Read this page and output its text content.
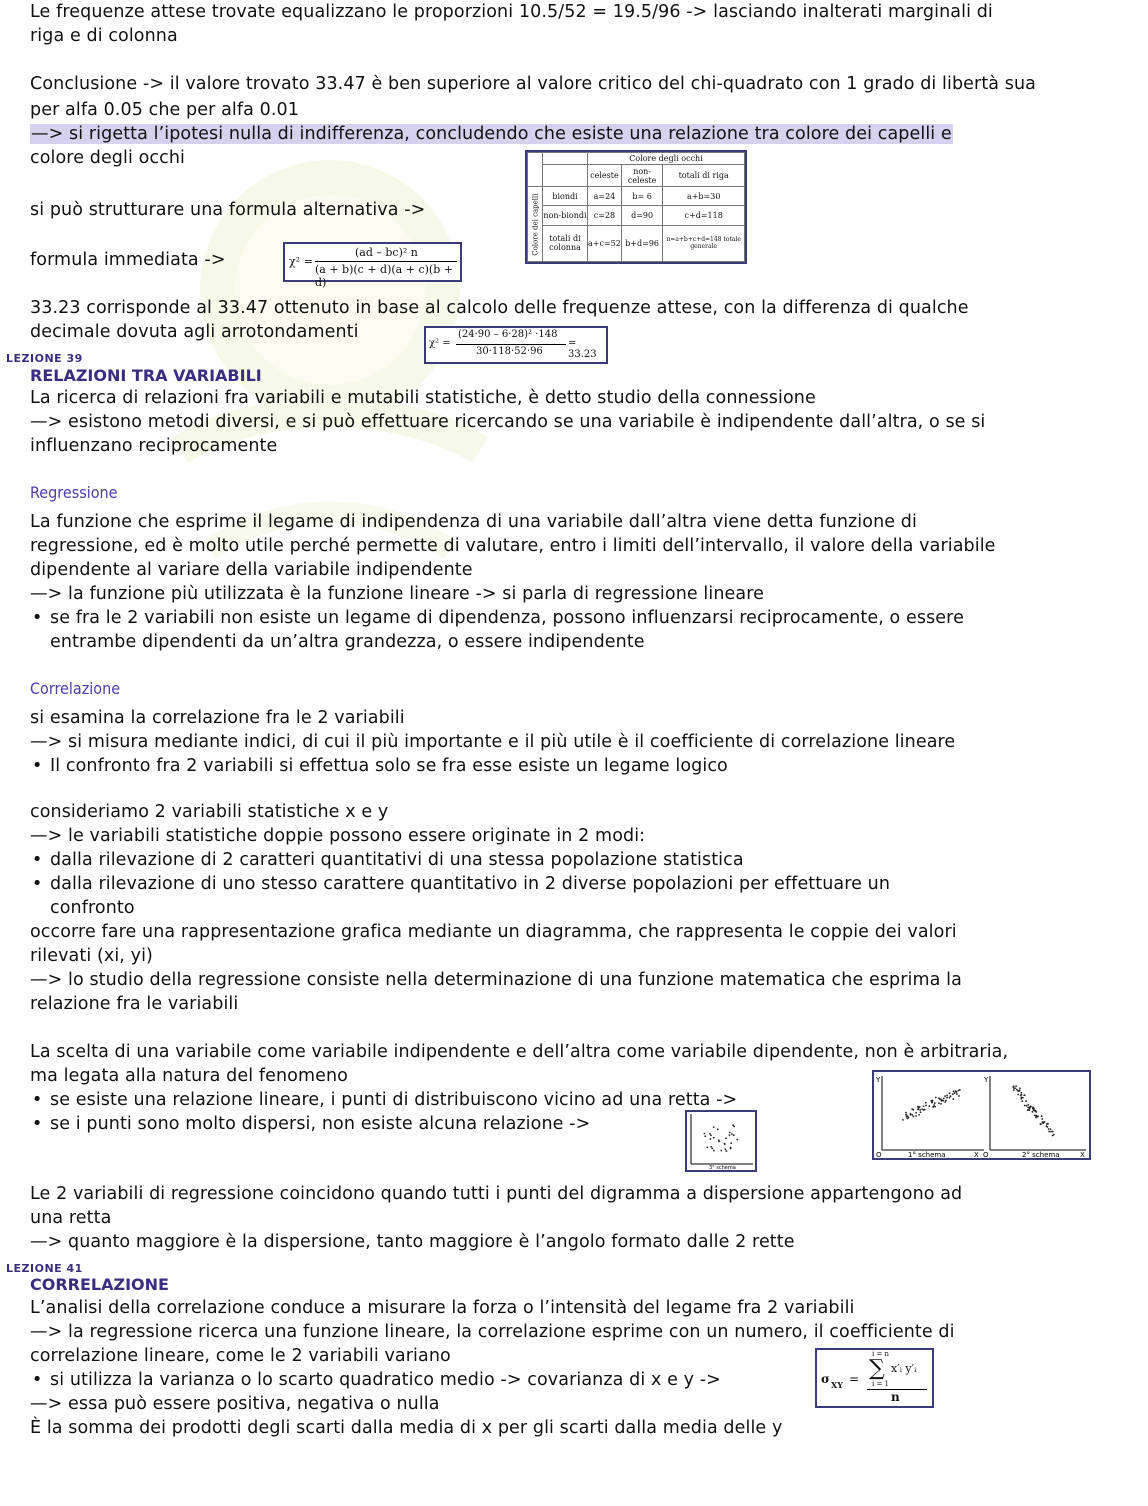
Le frequenze attese trovate equalizzano le proporzioni 10.5/52 = 19.5/96 -> lasciando inalterati marginali di
riga e di colonna
Conclusione -> il valore trovato 33.47 è ben superiore al valore critico del chi-quadrato con 1 grado di libertà sua
per alfa 0.05 che per alfa 0.01
—> si rigetta l’ipotesi nulla di indifferenza, concludendo che esiste una relazione tra colore dei capelli e
colore degli occhi
si può strutturare una formula alternativa ->
formula immediata ->
33.23 corrisponde al 33.47 ottenuto in base al calcolo delle frequenze attese, con la differenza di qualche
decimale dovuta agli arrotondamenti
		Colore degli occhi		
		celeste	non-celeste	totali di riga
Colore dei capelli	biondi	a=24	b= 6	a+b=30
	non-biondi	c=28	d=90	c+d=118
	totali di colonna	a+c=52	b+d=96	n=a+b+c+d=148 totale generale
χ² =
(ad – bc)² n
(a + b)(c + d)(a + c)(b + d)
χ² =
(24·90 – 6·28)² ·148
30·118·52·96
= 33.23
LEZIONE 39
RELAZIONI TRA VARIABILI
La ricerca di relazioni fra variabili e mutabili statistiche, è detto studio della connessione
—> esistono metodi diversi, e si può effettuare ricercando se una variabile è indipendente dall’altra, o se si
influenzano reciprocamente
Regressione
La funzione che esprime il legame di indipendenza di una variabile dall’altra viene detta funzione di
regressione, ed è molto utile perché permette di valutare, entro i limiti dell’intervallo, il valore della variabile
dipendente al variare della variabile indipendente
—> la funzione più utilizzata è la funzione lineare -> si parla di regressione lineare
• se fra le 2 variabili non esiste un legame di dipendenza, possono influenzarsi reciprocamente, o essere
entrambe dipendenti da un’altra grandezza, o essere indipendente
Correlazione
si esamina la correlazione fra le 2 variabili
—> si misura mediante indici, di cui il più importante e il più utile è il coefficiente di correlazione lineare
• Il confronto fra 2 variabili si effettua solo se fra esse esiste un legame logico
consideriamo 2 variabili statistiche x e y
—> le variabili statistiche doppie possono essere originate in 2 modi:
• dalla rilevazione di 2 caratteri quantitativi di una stessa popolazione statistica
• dalla rilevazione di uno stesso carattere quantitativo in 2 diverse popolazioni per effettuare un
confronto
occorre fare una rappresentazione grafica mediante un diagramma, che rappresenta le coppie dei valori
rilevati (xi, yi)
—> lo studio della regressione consiste nella determinazione di una funzione matematica che esprima la
relazione fra le variabili
La scelta di una variabile come variabile indipendente e dell’altra come variabile dipendente, non è arbitraria,
ma legata alla natura del fenomeno
• se esiste una relazione lineare, i punti di distribuiscono vicino ad una retta ->
• se i punti sono molto dispersi, non esiste alcuna relazione ->
1° schema	2° schema
Y	Y
X	X
O	O
3° schema
Le 2 variabili di regressione coincidono quando tutti i punti del digramma a dispersione appartengono ad
una retta
—> quanto maggiore è la dispersione, tanto maggiore è l’angolo formato dalle 2 rette
LEZIONE 41
CORRELAZIONE
L’analisi della correlazione conduce a misurare la forza o l’intensità del legame fra 2 variabili
—> la regressione ricerca una funzione lineare, la correlazione esprime con un numero, il coefficiente di
correlazione lineare, come le 2 variabili variano
• si utilizza la varianza o lo scarto quadratico medio -> covarianza di x e y ->
—> essa può essere positiva, negativa o nulla
È la somma dei prodotti degli scarti dalla media di x per gli scarti dalla media delle y
σ XY =
i = n
∑ x′ᵢ y′ᵢ
i = 1
n
